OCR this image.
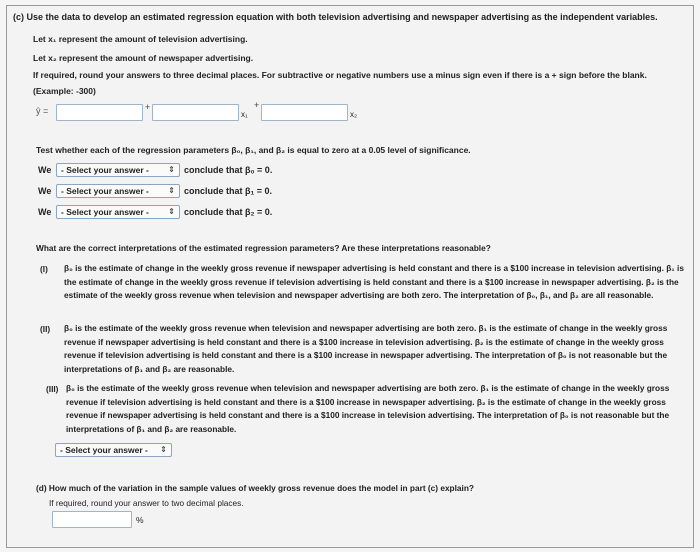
(c) Use the data to develop an estimated regression equation with both television advertising and newspaper advertising as the independent variables.
Let x₁ represent the amount of television advertising.
Let x₂ represent the amount of newspaper advertising.
If required, round your answers to three decimal places. For subtractive or negative numbers use a minus sign even if there is a + sign before the blank.
(Example: -300)
ŷ =	+
x₁
+
x₂
Test whether each of the regression parameters β₀, β₁, and β₂ is equal to zero at a 0.05 level of significance.
We	- Select your answer - ⇕ conclude that β₀ = 0.
We	- Select your answer - ⇕ conclude that β₁ = 0.
We	- Select your answer - ⇕ conclude that β₂ = 0.
What are the correct interpretations of the estimated regression parameters? Are these interpretations reasonable?
(I) β₀ is the estimate of change in the weekly gross revenue if newspaper advertising is held constant and there is a $100 increase in television advertising. β₁ is the estimate of change in the weekly gross revenue if television advertising is held constant and there is a $100 increase in newspaper advertising. β₂ is the estimate of the weekly gross revenue when television and newspaper advertising are both zero. The interpretation of β₀, β₁, and β₂ are all reasonable.
(II) β₀ is the estimate of the weekly gross revenue when television and newspaper advertising are both zero. β₁ is the estimate of change in the weekly gross revenue if newspaper advertising is held constant and there is a $100 increase in television advertising. β₂ is the estimate of change in the weekly gross revenue if television advertising is held constant and there is a $100 increase in newspaper advertising. The interpretation of β₀ is not reasonable but the interpretations of β₁ and β₂ are reasonable.
(III) β₀ is the estimate of the weekly gross revenue when television and newspaper advertising are both zero. β₁ is the estimate of change in the weekly gross revenue if television advertising is held constant and there is a $100 increase in newspaper advertising. β₂ is the estimate of change in the weekly gross revenue if newspaper advertising is held constant and there is a $100 increase in television advertising. The interpretation of β₀ is not reasonable but the interpretations of β₁ and β₂ are reasonable.
- Select your answer - ⇕
(d) How much of the variation in the sample values of weekly gross revenue does the model in part (c) explain?
If required, round your answer to two decimal places.
%
